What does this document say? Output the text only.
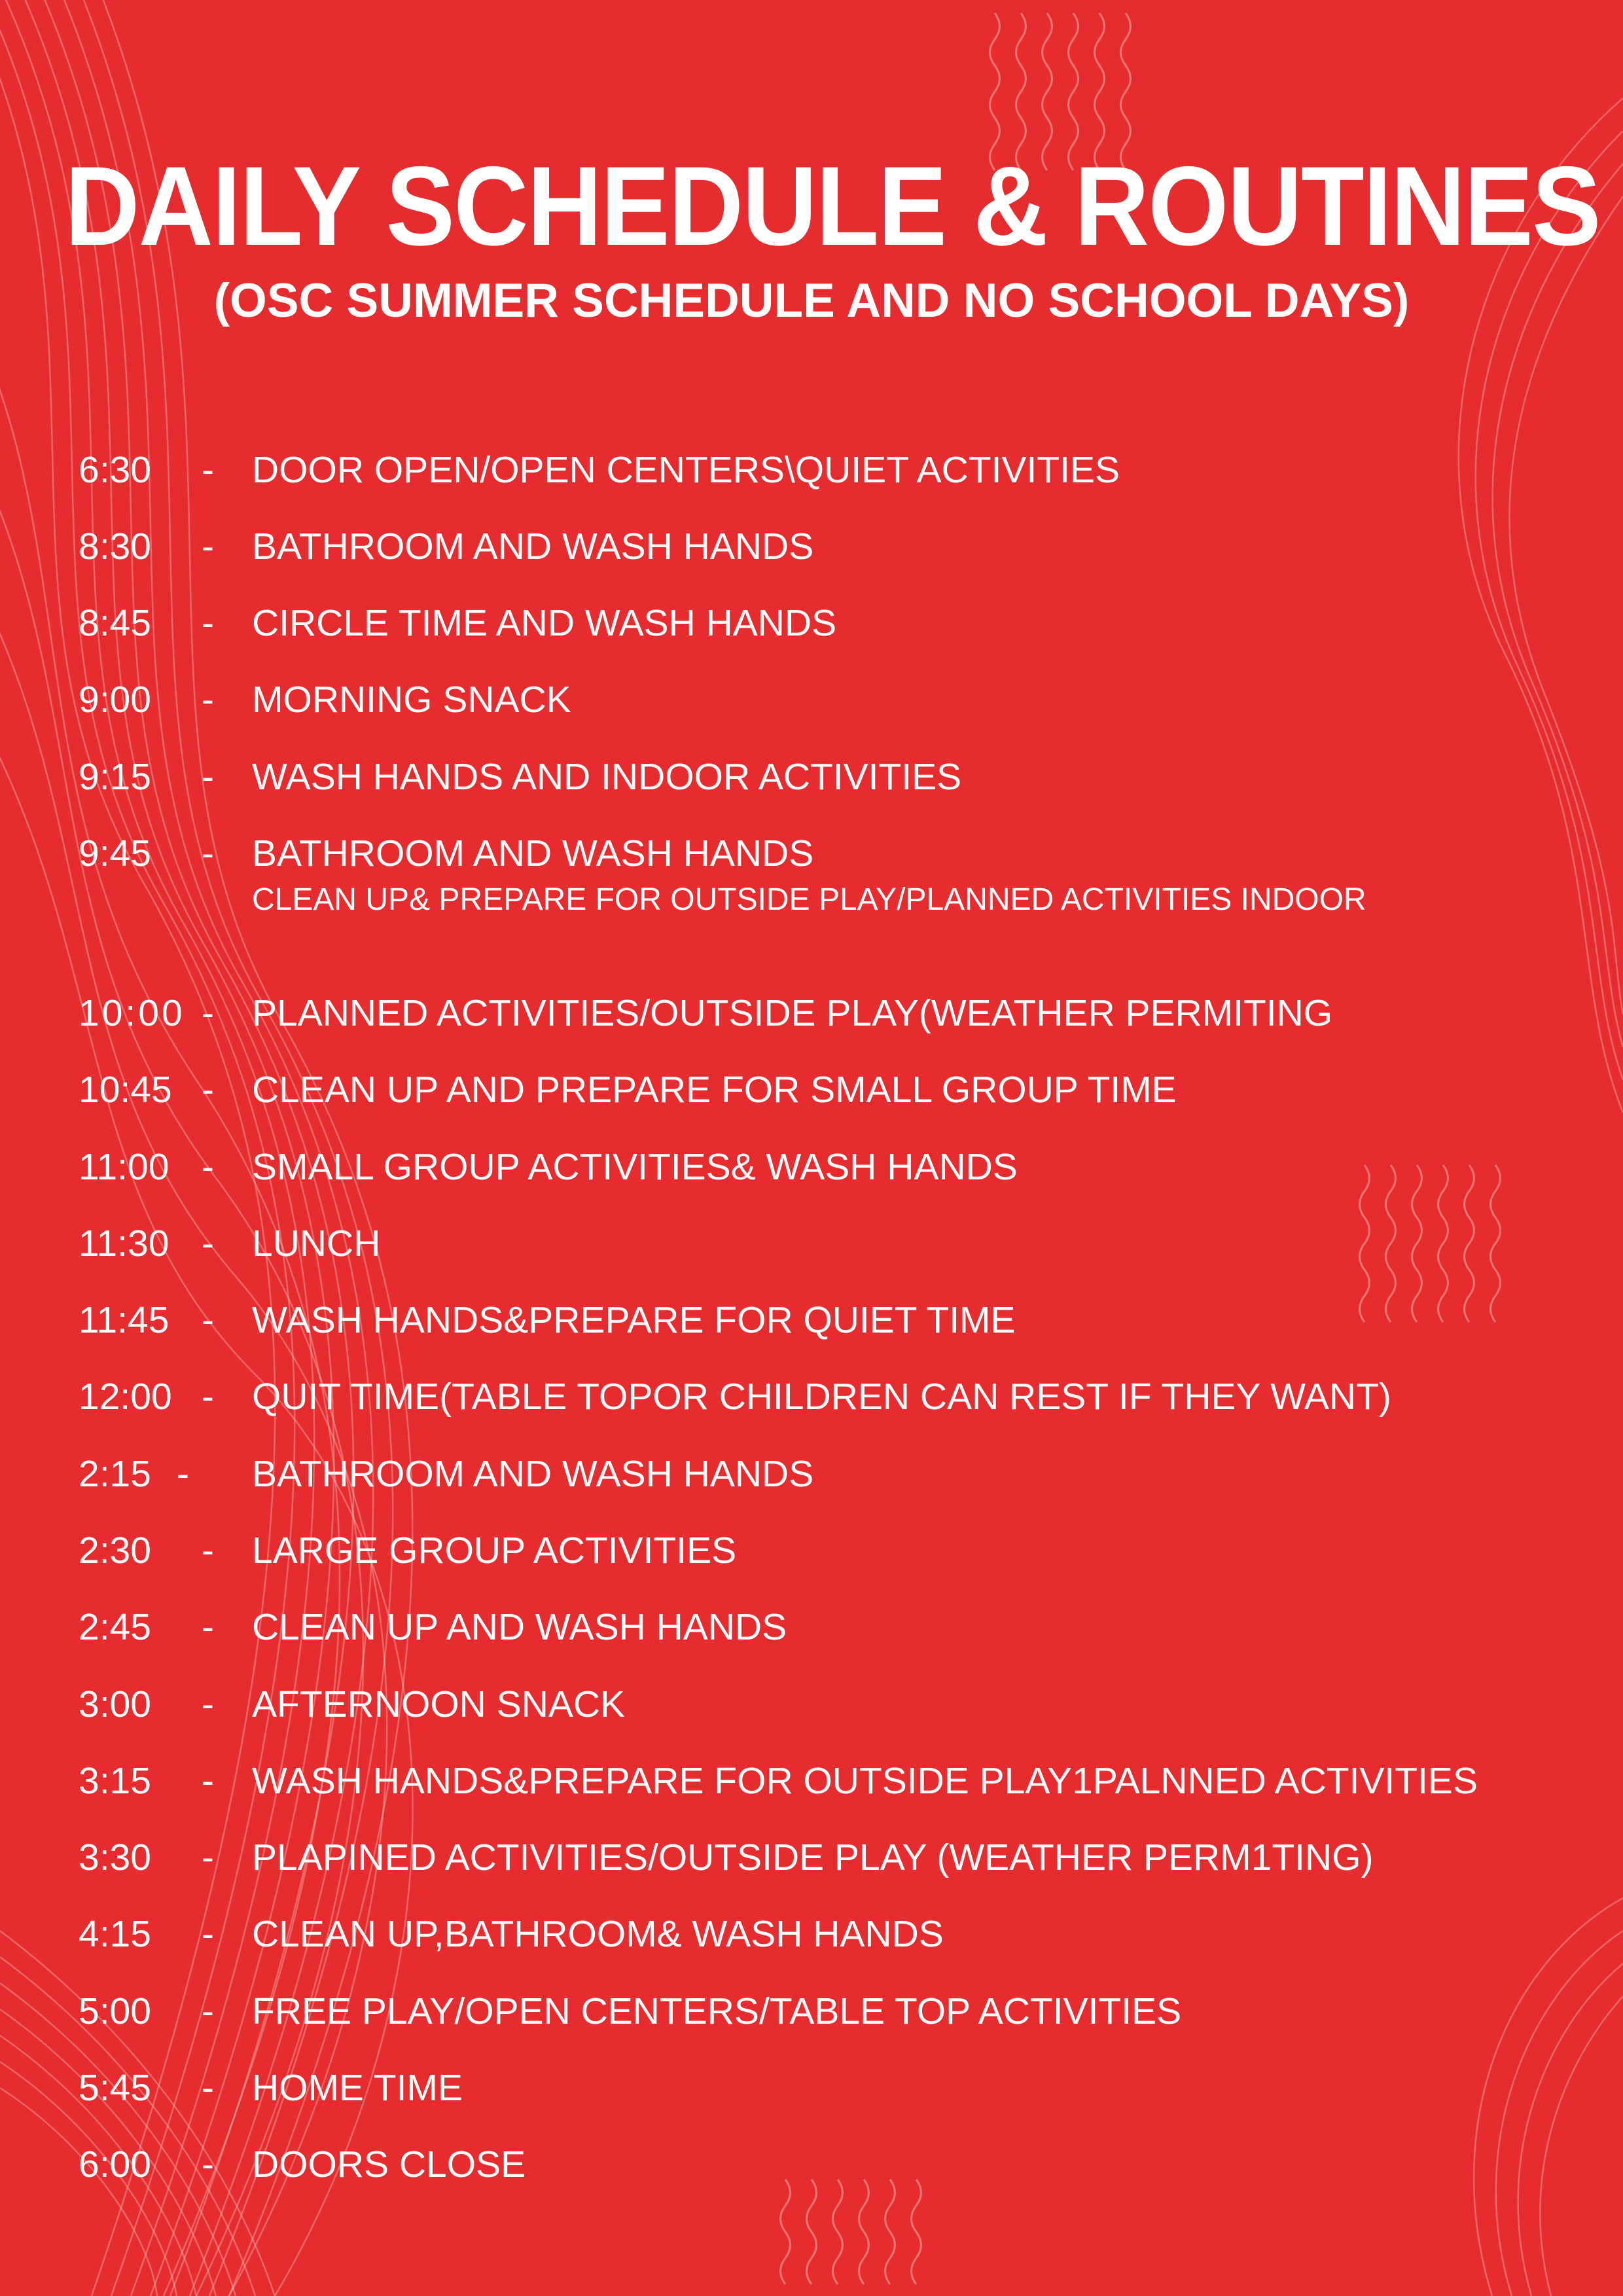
DAILY SCHEDULE & ROUTINES
(OSC SUMMER SCHEDULE AND NO SCHOOL DAYS)
6:30 - DOOR OPEN/OPEN CENTERS\QUIET ACTIVITIES
8:30 - BATHROOM AND WASH HANDS
8:45 - CIRCLE TIME AND WASH HANDS
9:00 - MORNING SNACK
9:15 - WASH HANDS AND INDOOR ACTIVITIES
9:45 - BATHROOM AND WASH HANDS
CLEAN UP& PREPARE FOR OUTSIDE PLAY/PLANNED ACTIVITIES INDOOR
10:00 - PLANNED ACTIVITIES/OUTSIDE PLAY(WEATHER PERMITING
10:45 - CLEAN UP AND PREPARE FOR SMALL GROUP TIME
11:00 - SMALL GROUP ACTIVITIES& WASH HANDS
11:30 - LUNCH
11:45 - WASH HANDS&PREPARE FOR QUIET TIME
12:00 - QUIT TIME(TABLE TOPOR CHILDREN CAN REST IF THEY WANT)
2:15 - BATHROOM AND WASH HANDS
2:30 - LARGE GROUP ACTIVITIES
2:45 - CLEAN UP AND WASH HANDS
3:00 - AFTERNOON SNACK
3:15 - WASH HANDS&PREPARE FOR OUTSIDE PLAY1PALNNED ACTIVITIES
3:30 - PLAPINED ACTIVITIES/OUTSIDE PLAY (WEATHER PERM1TING)
4:15 - CLEAN UP,BATHROOM& WASH HANDS
5:00 - FREE PLAY/OPEN CENTERS/TABLE TOP ACTIVITIES
5:45 - HOME TIME
6:00 - DOORS CLOSE
